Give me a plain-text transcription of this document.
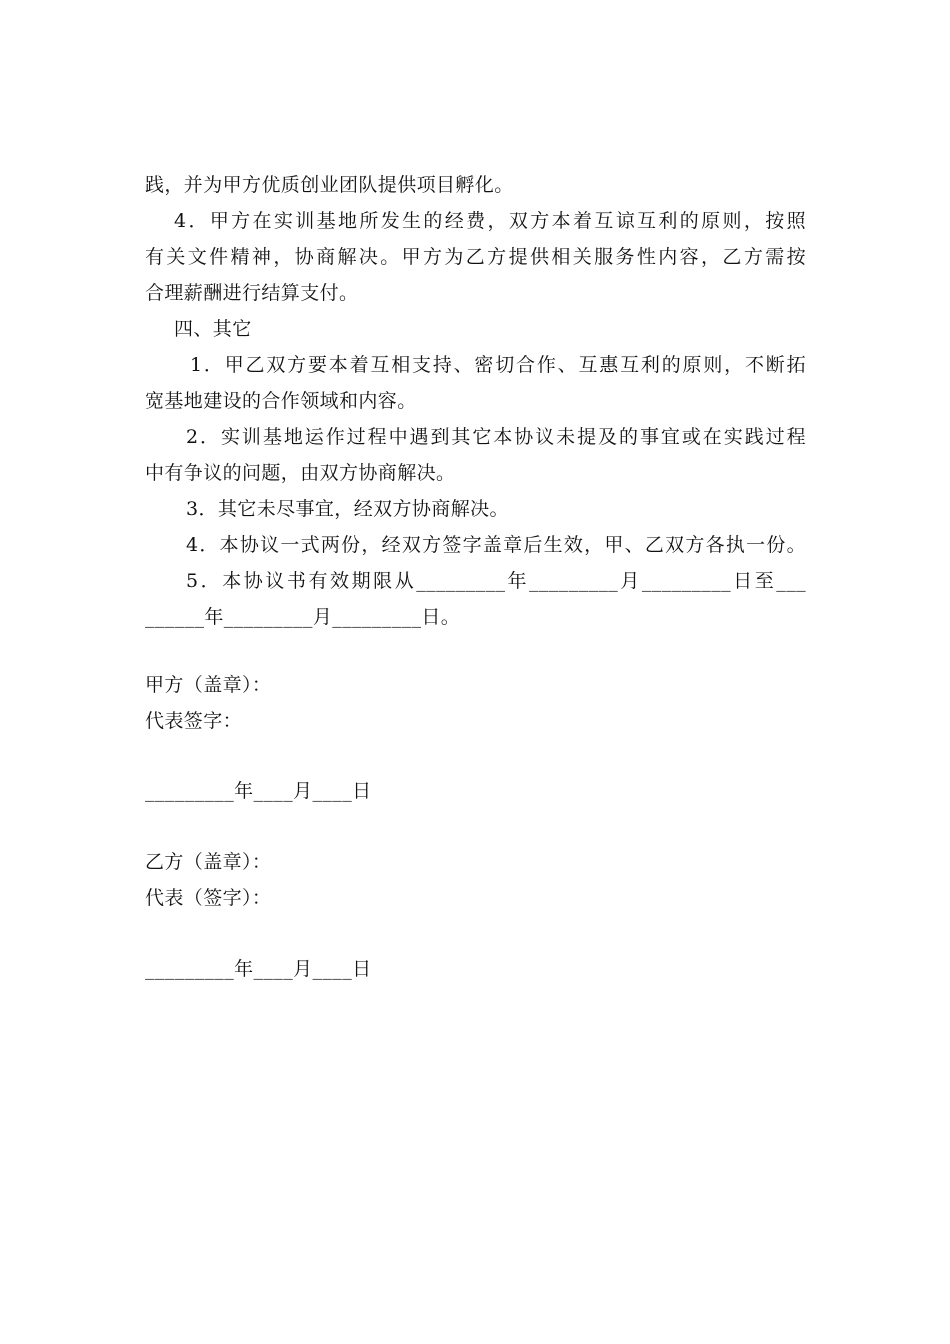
践，并为甲方优质创业团队提供项目孵化。
4．甲方在实训基地所发生的经费，双方本着互谅互利的原则，按照
有关文件精神，协商解决。甲方为乙方提供相关服务性内容，乙方需按
合理薪酬进行结算支付。
四、其它
1．甲乙双方要本着互相支持、密切合作、互惠互利的原则，不断拓
宽基地建设的合作领域和内容。
2．实训基地运作过程中遇到其它本协议未提及的事宜或在实践过程
中有争议的问题，由双方协商解决。
3．其它未尽事宜，经双方协商解决。
4．本协议一式两份，经双方签字盖章后生效，甲、乙双方各执一份。
5．本协议书有效期限从_________年_________月_________日至___
______年_________月_________日。
甲方（盖章）：
代表签字：
_________年____月____日
乙方（盖章）：
代表（签字）：
_________年____月____日
